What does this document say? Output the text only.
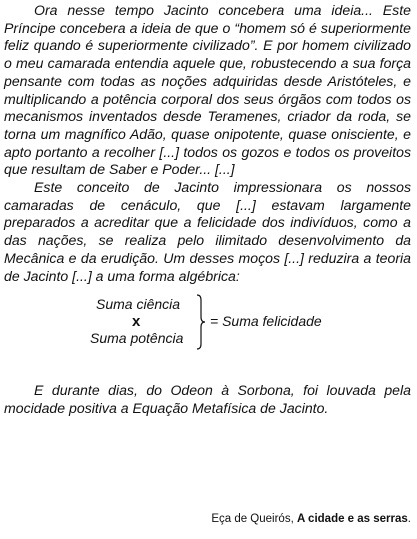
Ora nesse tempo Jacinto concebera uma ideia... Este Príncipe concebera a ideia de que o “homem só é superiormente feliz quando é superiormente civilizado”. E por homem civilizado o meu camarada entendia aquele que, robustecendo a sua força pensante com todas as noções adquiridas desde Aristóteles, e multiplicando a potência corporal dos seus órgãos com todos os mecanismos inventados desde Teramenes, criador da roda, se torna um magnífico Adão, quase onipotente, quase onisciente, e apto portanto a recolher [...] todos os gozos e todos os proveitos que resultam de Saber e Poder... [...]

Este conceito de Jacinto impressionara os nossos camaradas de cenáculo, que [...] estavam largamente preparados a acreditar que a felicidade dos indivíduos, como a das nações, se realiza pelo ilimitado desenvolvimento da Mecânica e da erudição. Um desses moços [...] reduzira a teoria de Jacinto [...] a uma forma algébrica:

Suma ciência
x
Suma potência
= Suma felicidade

E durante dias, do Odeon à Sorbona, foi louvada pela mocidade positiva a Equação Metafísica de Jacinto.

Eça de Queirós, A cidade e as serras.
